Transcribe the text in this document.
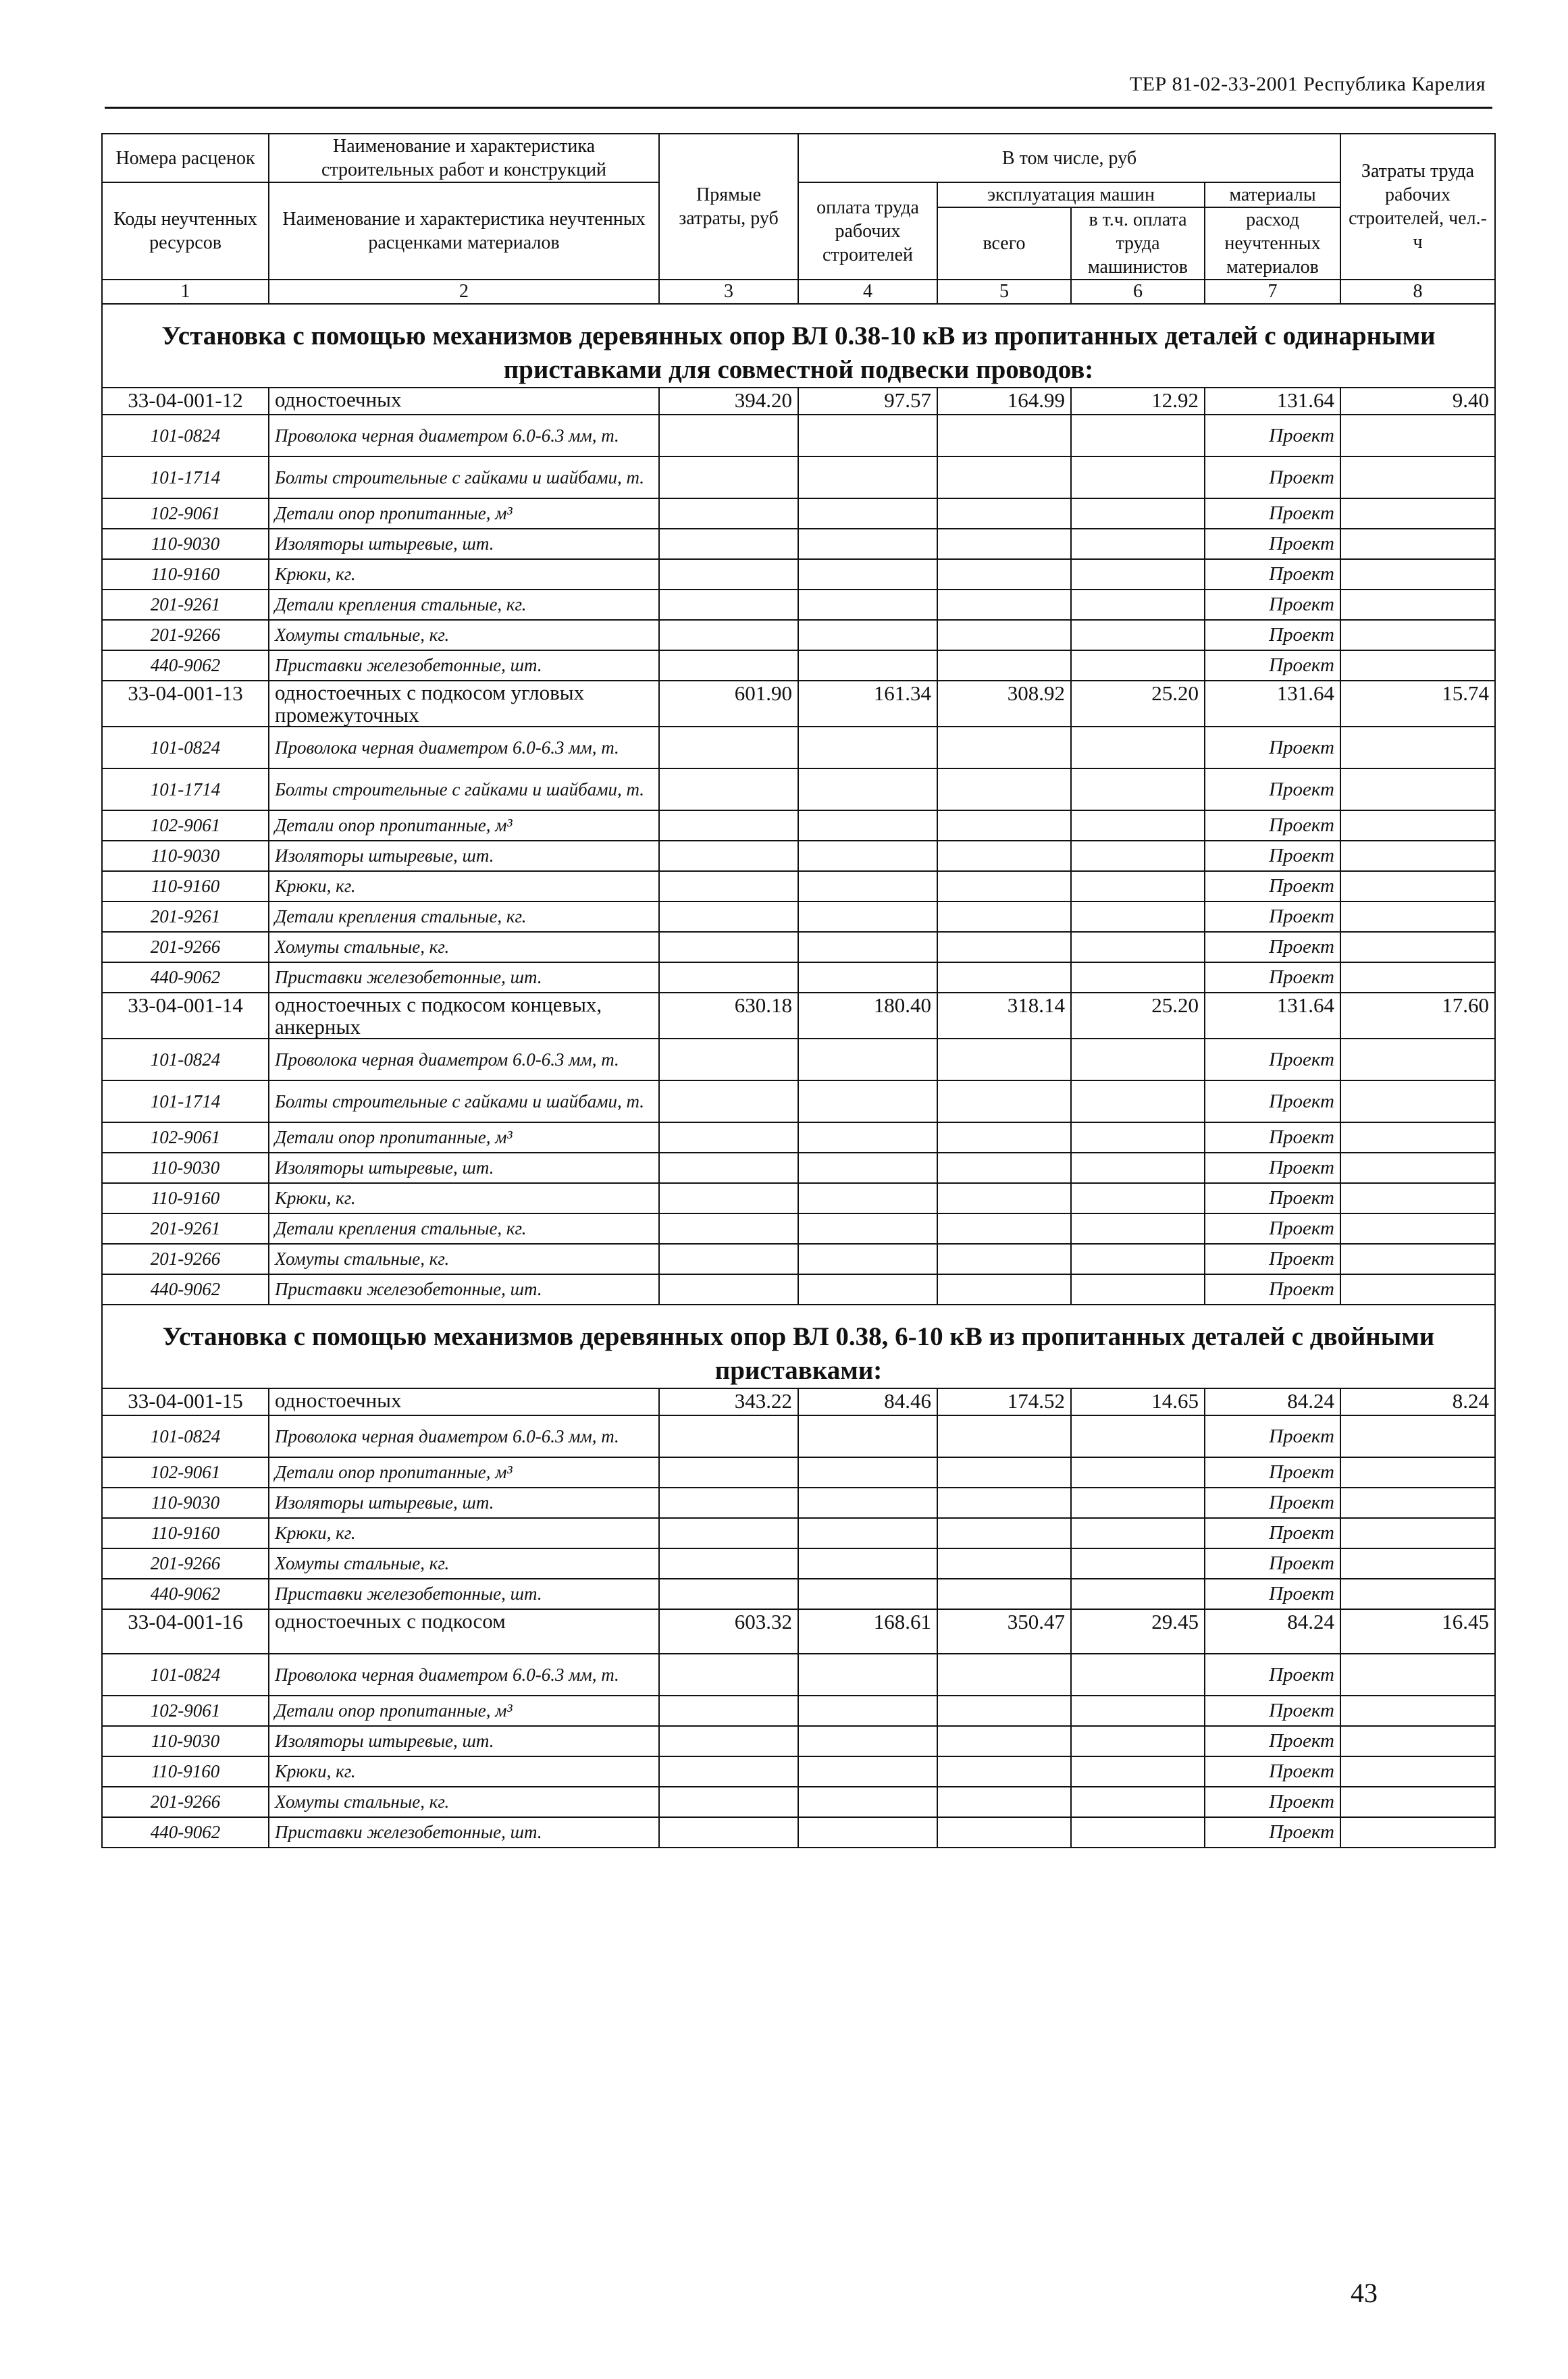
ТЕР 81-02-33-2001 Республика Карелия
Номера расценок	Наименование и характеристика строительных работ и конструкций	Прямые затраты, руб	В том числе, руб				Затраты труда рабочих строителей, чел.-ч
Коды неучтенных ресурсов	Наименование и характеристика неучтенных расценками материалов		оплата труда рабочих строителей	эксплуатация машин		материалы	
				всего	в т.ч. оплата труда машинистов	расход неучтенных материалов	

1	2	3	4	5	6	7	8
Установка с помощью механизмов деревянных опор ВЛ 0.38-10 кВ из пропитанных деталей с одинарными приставками для совместной подвески проводов:							
33-04-001-12	одностоечных	394.20	97.57	164.99	12.92	131.64	9.40
101-0824	Проволока черная диаметром 6.0-6.3 мм, т.					Проект	
101-1714	Болты строительные с гайками и шайбами, т.					Проект	
102-9061	Детали опор пропитанные, м³					Проект	
110-9030	Изоляторы штыревые, шт.					Проект	
110-9160	Крюки, кг.					Проект	
201-9261	Детали крепления стальные, кг.					Проект	
201-9266	Хомуты стальные, кг.					Проект	
440-9062	Приставки железобетонные, шт.					Проект	
33-04-001-13	одностоечных с подкосом угловых промежуточных	601.90	161.34	308.92	25.20	131.64	15.74
101-0824	Проволока черная диаметром 6.0-6.3 мм, т.					Проект	
101-1714	Болты строительные с гайками и шайбами, т.					Проект	
102-9061	Детали опор пропитанные, м³					Проект	
110-9030	Изоляторы штыревые, шт.					Проект	
110-9160	Крюки, кг.					Проект	
201-9261	Детали крепления стальные, кг.					Проект	
201-9266	Хомуты стальные, кг.					Проект	
440-9062	Приставки железобетонные, шт.					Проект	
33-04-001-14	одностоечных с подкосом концевых, анкерных	630.18	180.40	318.14	25.20	131.64	17.60
101-0824	Проволока черная диаметром 6.0-6.3 мм, т.					Проект	
101-1714	Болты строительные с гайками и шайбами, т.					Проект	
102-9061	Детали опор пропитанные, м³					Проект	
110-9030	Изоляторы штыревые, шт.					Проект	
110-9160	Крюки, кг.					Проект	
201-9261	Детали крепления стальные, кг.					Проект	
201-9266	Хомуты стальные, кг.					Проект	
440-9062	Приставки железобетонные, шт.					Проект	
Установка с помощью механизмов деревянных опор ВЛ 0.38, 6-10 кВ из пропитанных деталей с двойными приставками:							
33-04-001-15	одностоечных	343.22	84.46	174.52	14.65	84.24	8.24
101-0824	Проволока черная диаметром 6.0-6.3 мм, т.					Проект	
102-9061	Детали опор пропитанные, м³					Проект	
110-9030	Изоляторы штыревые, шт.					Проект	
110-9160	Крюки, кг.					Проект	
201-9266	Хомуты стальные, кг.					Проект	
440-9062	Приставки железобетонные, шт.					Проект	
33-04-001-16	одностоечных с подкосом	603.32	168.61	350.47	29.45	84.24	16.45
101-0824	Проволока черная диаметром 6.0-6.3 мм, т.					Проект	
102-9061	Детали опор пропитанные, м³					Проект	
110-9030	Изоляторы штыревые, шт.					Проект	
110-9160	Крюки, кг.					Проект	
201-9266	Хомуты стальные, кг.					Проект	
440-9062	Приставки железобетонные, шт.					Проект	
43
